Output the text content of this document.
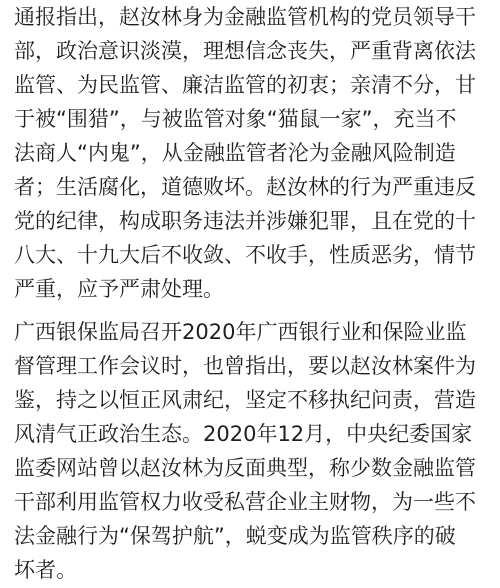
通报指出，赵汝林身为金融监管机构的党员领导干
部，政治意识淡漠，理想信念丧失，严重背离依法
监管、为民监管、廉洁监管的初衷；亲清不分，甘
于被“围猎”，与被监管对象“猫鼠一家”，充当不
法商人“内鬼”，从金融监管者沦为金融风险制造
者；生活腐化，道德败坏。赵汝林的行为严重违反
党的纪律，构成职务违法并涉嫌犯罪，且在党的十
八大、十九大后不收敛、不收手，性质恶劣，情节
严重，应予严肃处理。

广西银保监局召开2020年广西银行业和保险业监
督管理工作会议时，也曾指出，要以赵汝林案件为
鉴，持之以恒正风肃纪，坚定不移执纪问责，营造
风清气正政治生态。2020年12月，中央纪委国家
监委网站曾以赵汝林为反面典型，称少数金融监管
干部利用监管权力收受私营企业主财物，为一些不
法金融行为“保驾护航”，蜕变成为监管秩序的破
坏者。
